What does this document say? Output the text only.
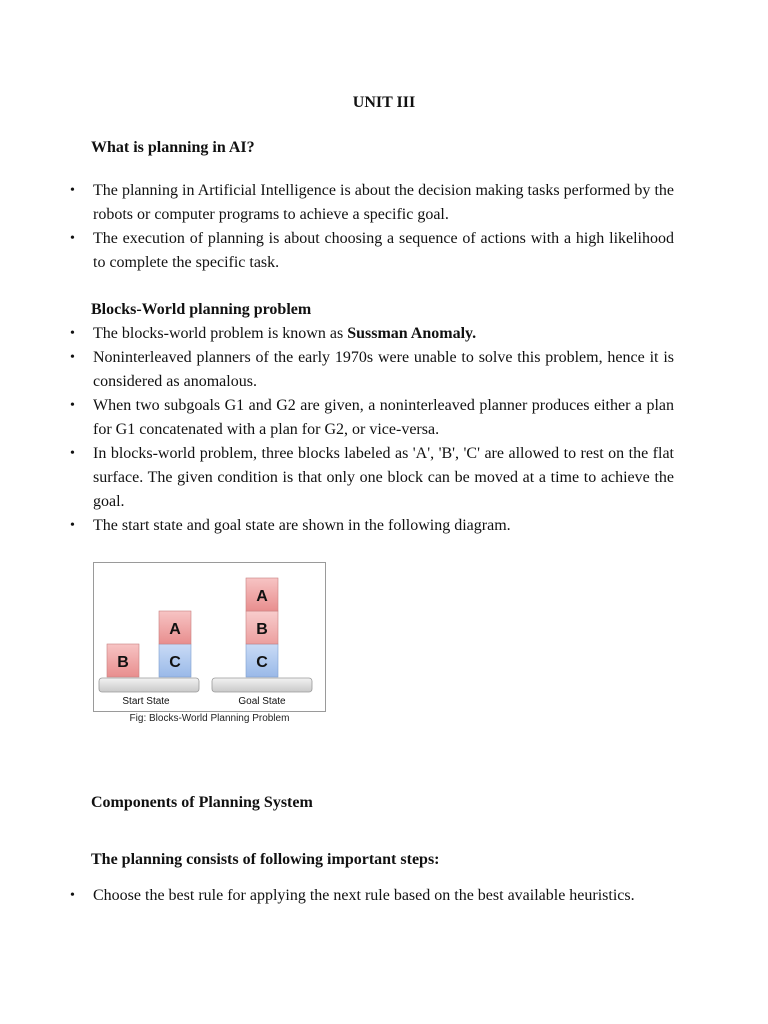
UNIT III
What is planning in AI?
• The planning in Artificial Intelligence is about the decision making tasks performed by the robots or computer programs to achieve a specific goal.
• The execution of planning is about choosing a sequence of actions with a high likelihood to complete the specific task.
Blocks-World planning problem
• The blocks-world problem is known as Sussman Anomaly.
• Noninterleaved planners of the early 1970s were unable to solve this problem, hence it is considered as anomalous.
• When two subgoals G1 and G2 are given, a noninterleaved planner produces either a plan for G1 concatenated with a plan for G2, or vice-versa.
• In blocks-world problem, three blocks labeled as 'A', 'B', 'C' are allowed to rest on the flat surface. The given condition is that only one block can be moved at a time to achieve the goal.
• The start state and goal state are shown in the following diagram.
B	C
A
Start State
C
B
A
Goal State
Fig: Blocks-World Planning Problem
Components of Planning System
The planning consists of following important steps:
• Choose the best rule for applying the next rule based on the best available heuristics.
